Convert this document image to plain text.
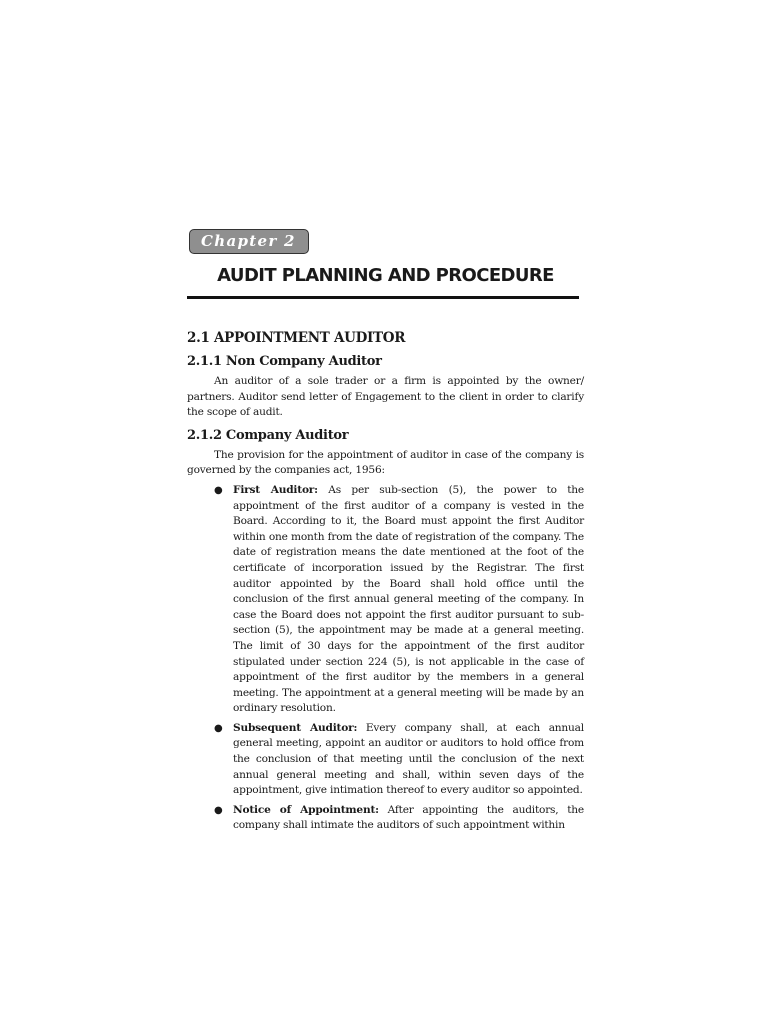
Chapter 2
AUDIT PLANNING AND PROCEDURE
2.1 APPOINTMENT AUDITOR
2.1.1 Non Company Auditor

An auditor of a sole trader or a firm is appointed by the owner/ partners. Auditor send letter of Engagement to the client in order to clarify the scope of audit.

2.1.2 Company Auditor

The provision for the appointment of auditor in case of the company is governed by the companies act, 1956:

● First Auditor: As per sub-section (5), the power to the appointment of the first auditor of a company is vested in the Board. According to it, the Board must appoint the first Auditor within one month from the date of registration of the company. The date of registration means the date mentioned at the foot of the certificate of incorporation issued by the Registrar. The first auditor appointed by the Board shall hold office until the conclusion of the first annual general meeting of the company. In case the Board does not appoint the first auditor pursuant to sub-section (5), the appointment may be made at a general meeting. The limit of 30 days for the appointment of the first auditor stipulated under section 224 (5), is not applicable in the case of appointment of the first auditor by the members in a general meeting. The appointment at a general meeting will be made by an ordinary resolution.
● Subsequent Auditor: Every company shall, at each annual general meeting, appoint an auditor or auditors to hold office from the conclusion of that meeting until the conclusion of the next annual general meeting and shall, within seven days of the appointment, give intimation thereof to every auditor so appointed.
● Notice of Appointment: After appointing the auditors, the company shall intimate the auditors of such appointment within
